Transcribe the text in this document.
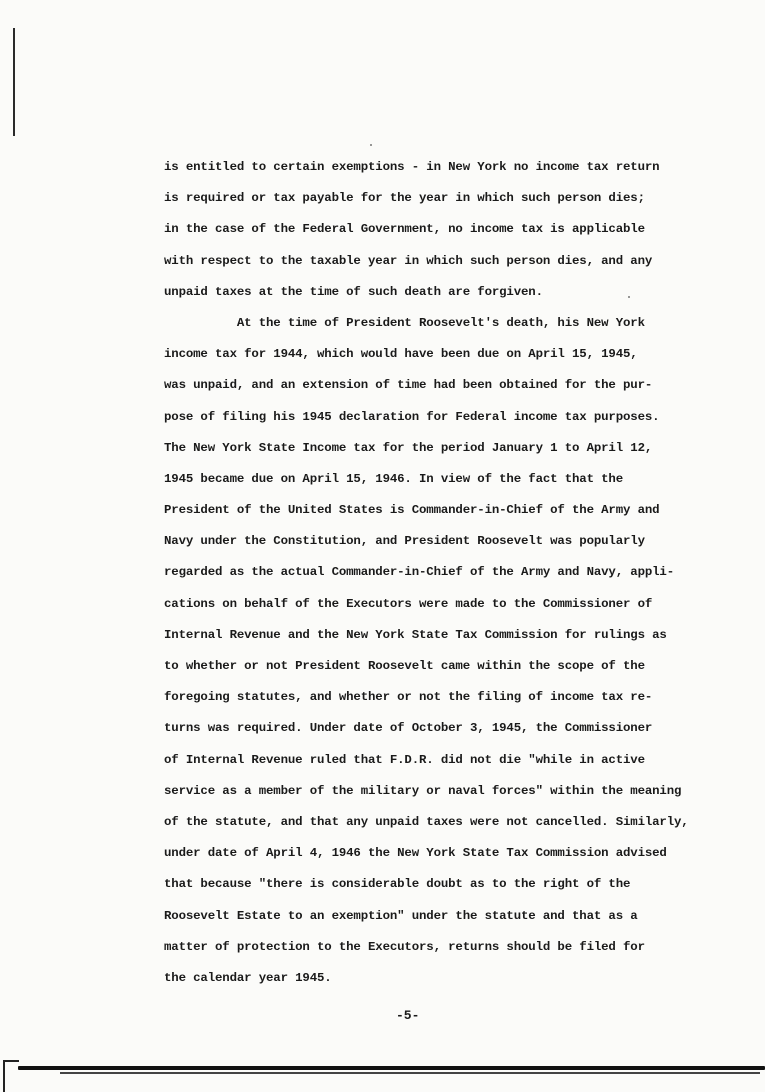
is entitled to certain exemptions - in New York no income tax return
is required or tax payable for the year in which such person dies;
in the case of the Federal Government, no income tax is applicable
with respect to the taxable year in which such person dies, and any
unpaid taxes at the time of such death are forgiven.
At the time of President Roosevelt's death, his New York
income tax for 1944, which would have been due on April 15, 1945,
was unpaid, and an extension of time had been obtained for the pur-
pose of filing his 1945 declaration for Federal income tax purposes.
The New York State Income tax for the period January 1 to April 12,
1945 became due on April 15, 1946. In view of the fact that the
President of the United States is Commander-in-Chief of the Army and
Navy under the Constitution, and President Roosevelt was popularly
regarded as the actual Commander-in-Chief of the Army and Navy, appli-
cations on behalf of the Executors were made to the Commissioner of
Internal Revenue and the New York State Tax Commission for rulings as
to whether or not President Roosevelt came within the scope of the
foregoing statutes, and whether or not the filing of income tax re-
turns was required. Under date of October 3, 1945, the Commissioner
of Internal Revenue ruled that F.D.R. did not die "while in active
service as a member of the military or naval forces" within the meaning
of the statute, and that any unpaid taxes were not cancelled. Similarly,
under date of April 4, 1946 the New York State Tax Commission advised
that because "there is considerable doubt as to the right of the
Roosevelt Estate to an exemption" under the statute and that as a
matter of protection to the Executors, returns should be filed for
the calendar year 1945.
-5-
